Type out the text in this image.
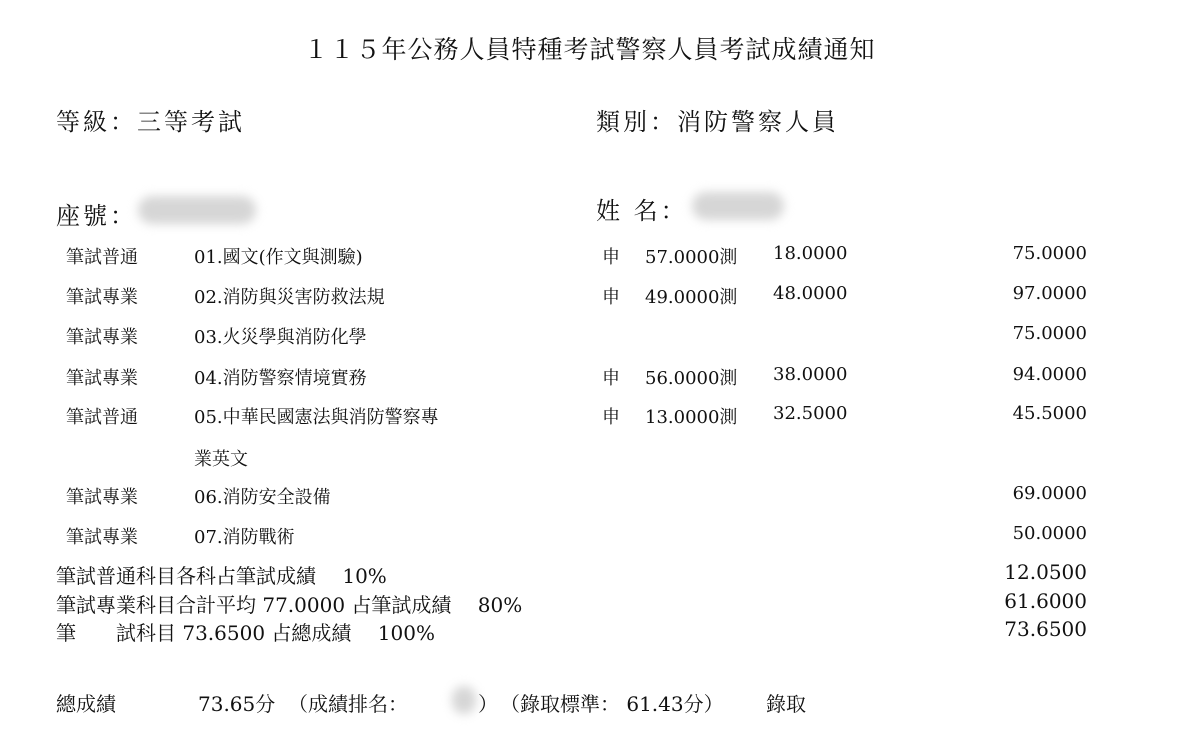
１１５年公務人員特種考試警察人員考試成績通知
等級：三等考試	類別：消防警察人員
座號：	姓 名：
筆試普通	01.國文(作文與測驗)	申 57.0000測 18.0000	75.0000
筆試專業	02.消防與災害防救法規	申 49.0000測 48.0000	97.0000
筆試專業	03.火災學與消防化學	75.0000
筆試專業	04.消防警察情境實務	申 56.0000測 38.0000	94.0000
筆試普通	05.中華民國憲法與消防警察專	申 13.0000測 32.5000	45.5000
業英文
筆試專業	06.消防安全設備	69.0000
筆試專業	07.消防戰術	50.0000
筆試普通科目各科占筆試成績　 10%	12.0500
筆試專業科目合計平均 77.0000 占筆試成績　 80%	61.6000
筆　　試科目 73.6500 占總成績　 100%	73.6500
總成績	73.65分 （成績排名：	） （錄取標準： 61.43分） 錄取
